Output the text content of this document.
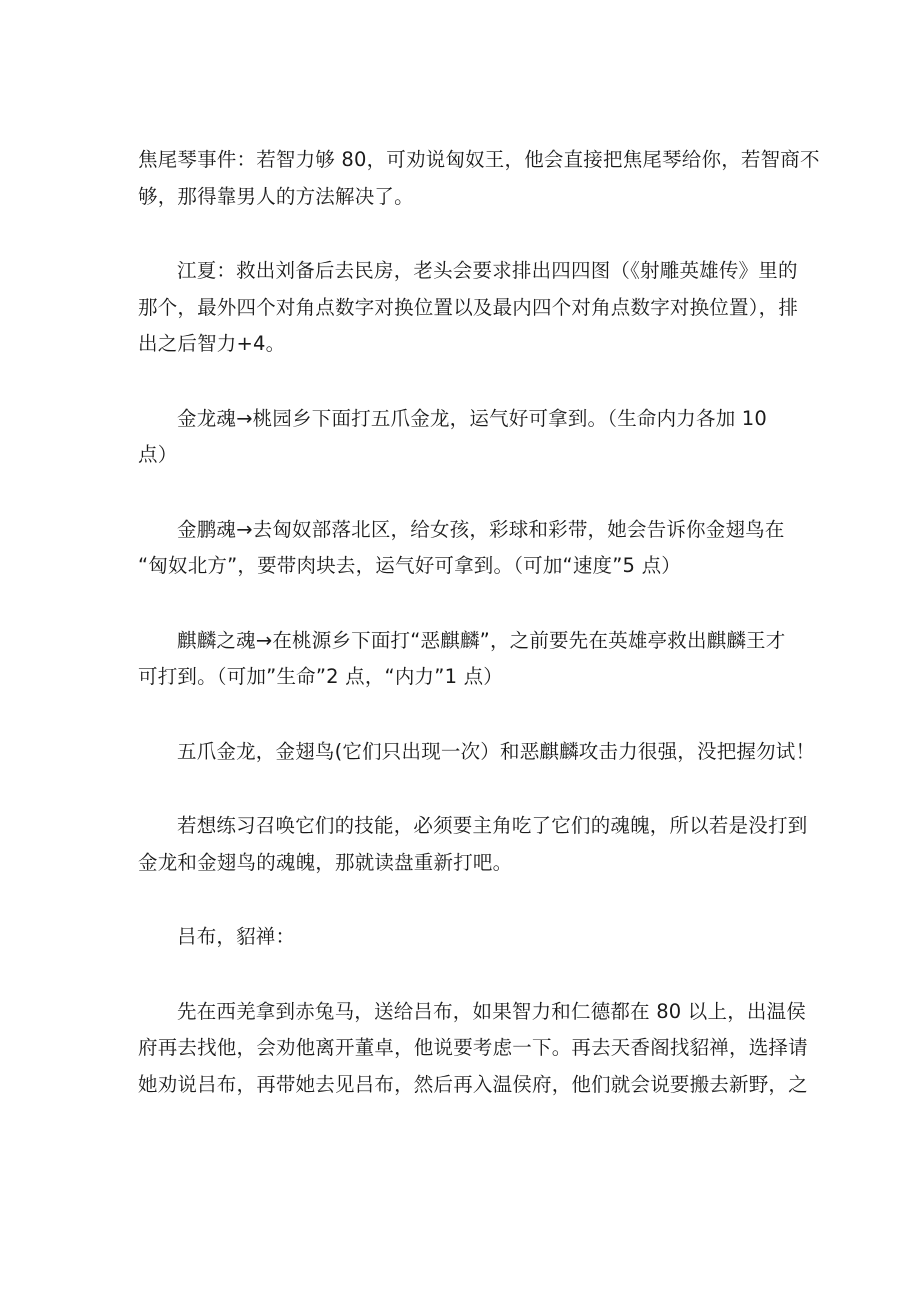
焦尾琴事件：若智力够 80，可劝说匈奴王，他会直接把焦尾琴给你，若智商不
够，那得靠男人的方法解决了。

江夏：救出刘备后去民房，老头会要求排出四四图（《射雕英雄传》里的
那个，最外四个对角点数字对换位置以及最内四个对角点数字对换位置），排
出之后智力+4。

金龙魂→桃园乡下面打五爪金龙，运气好可拿到。（生命内力各加 10
点）

金鹏魂→去匈奴部落北区，给女孩，彩球和彩带，她会告诉你金翅鸟在
“匈奴北方”，要带肉块去，运气好可拿到。（可加“速度”5 点）

麒麟之魂→在桃源乡下面打“恶麒麟”，之前要先在英雄亭救出麒麟王才
可打到。（可加”生命”2 点，“内力”1 点）

五爪金龙，金翅鸟(它们只出现一次）和恶麒麟攻击力很强，没把握勿试！

若想练习召唤它们的技能，必须要主角吃了它们的魂魄，所以若是没打到
金龙和金翅鸟的魂魄，那就读盘重新打吧。

吕布，貂禅：

先在西羌拿到赤兔马，送给吕布，如果智力和仁德都在 80 以上，出温侯
府再去找他，会劝他离开董卓，他说要考虑一下。再去天香阁找貂禅，选择请
她劝说吕布，再带她去见吕布，然后再入温侯府，他们就会说要搬去新野，之
